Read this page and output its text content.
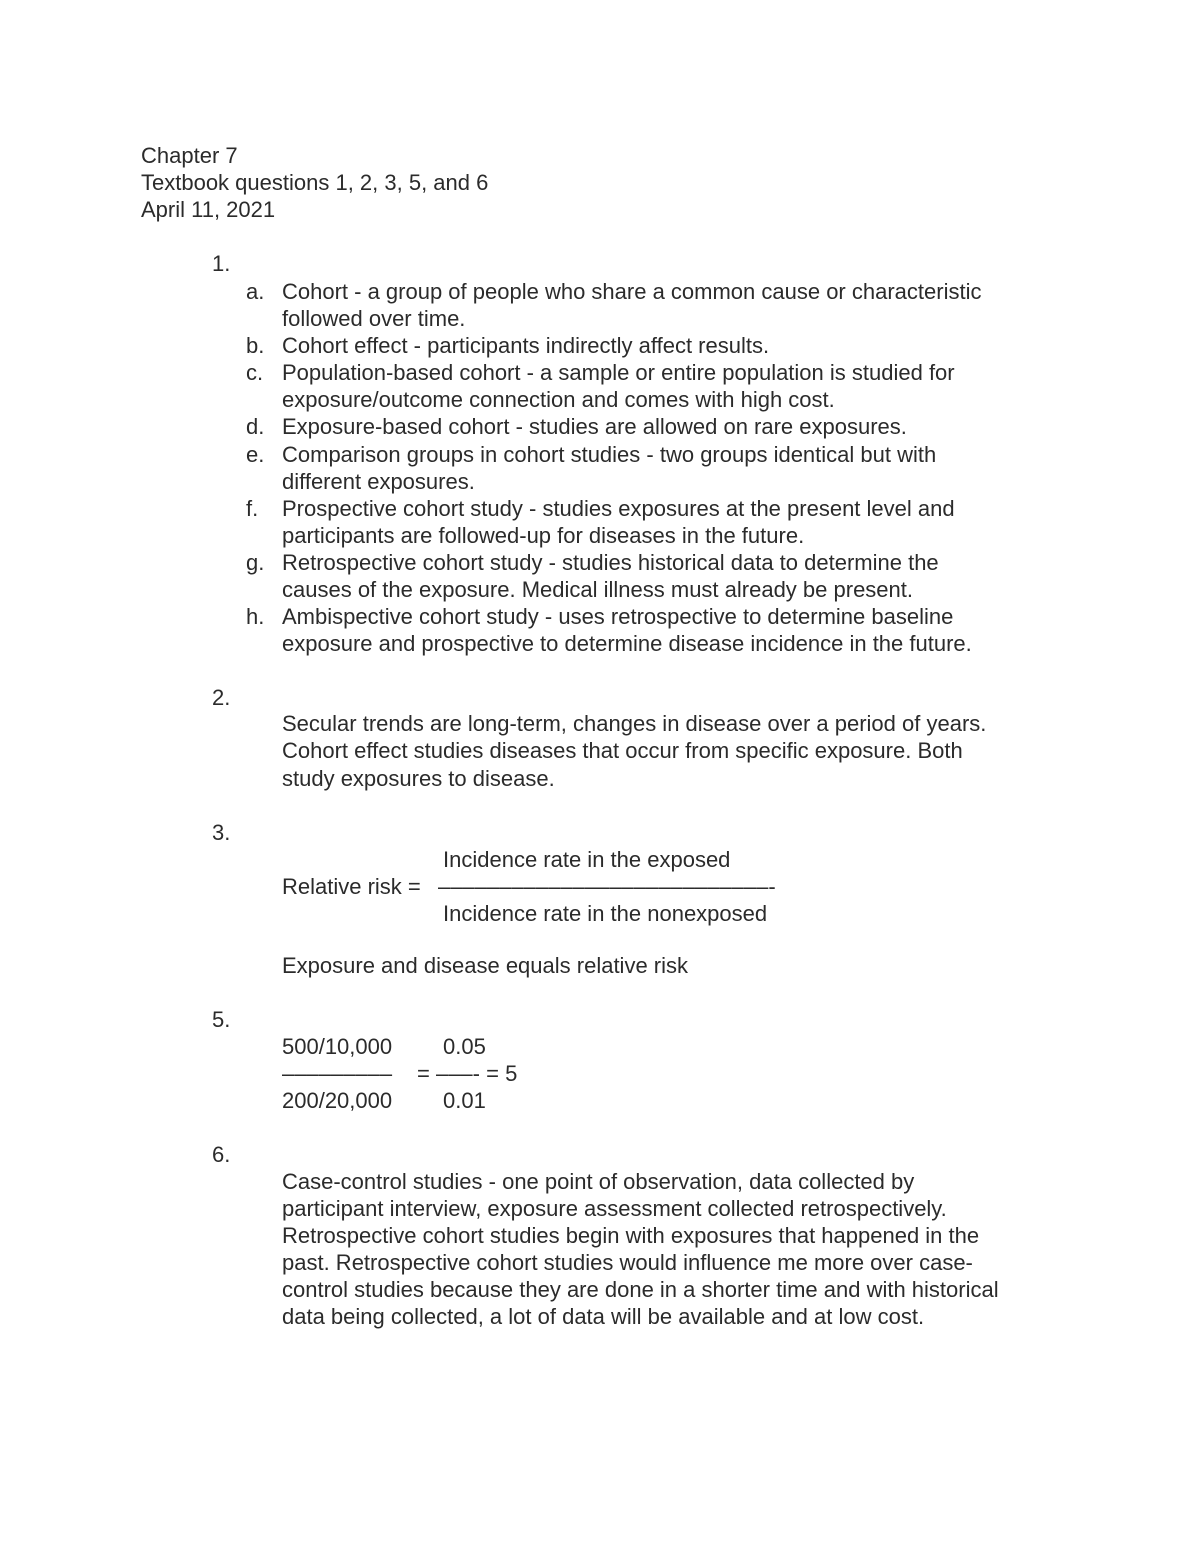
Chapter 7
Textbook questions 1, 2, 3, 5, and 6
April 11, 2021
1.
a. Cohort - a group of people who share a common cause or characteristic
followed over time.
b. Cohort effect - participants indirectly affect results.
c. Population-based cohort - a sample or entire population is studied for
exposure/outcome connection and comes with high cost.
d. Exposure-based cohort - studies are allowed on rare exposures.
e. Comparison groups in cohort studies - two groups identical but with
different exposures.
f. Prospective cohort study - studies exposures at the present level and
participants are followed-up for diseases in the future.
g. Retrospective cohort study - studies historical data to determine the
causes of the exposure. Medical illness must already be present.
h. Ambispective cohort study - uses retrospective to determine baseline
exposure and prospective to determine disease incidence in the future.
2.
Secular trends are long-term, changes in disease over a period of years.
Cohort effect studies diseases that occur from specific exposure. Both
study exposures to disease.
3.
Incidence rate in the exposed
Relative risk = –––––––––––––––––––––––––––-
Incidence rate in the nonexposed
Exposure and disease equals relative risk
5.
500/10,000 0.05
––––––––– = –––- = 5
200/20,000 0.01
6.
Case-control studies - one point of observation, data collected by
participant interview, exposure assessment collected retrospectively.
Retrospective cohort studies begin with exposures that happened in the
past. Retrospective cohort studies would influence me more over case-
control studies because they are done in a shorter time and with historical
data being collected, a lot of data will be available and at low cost.
